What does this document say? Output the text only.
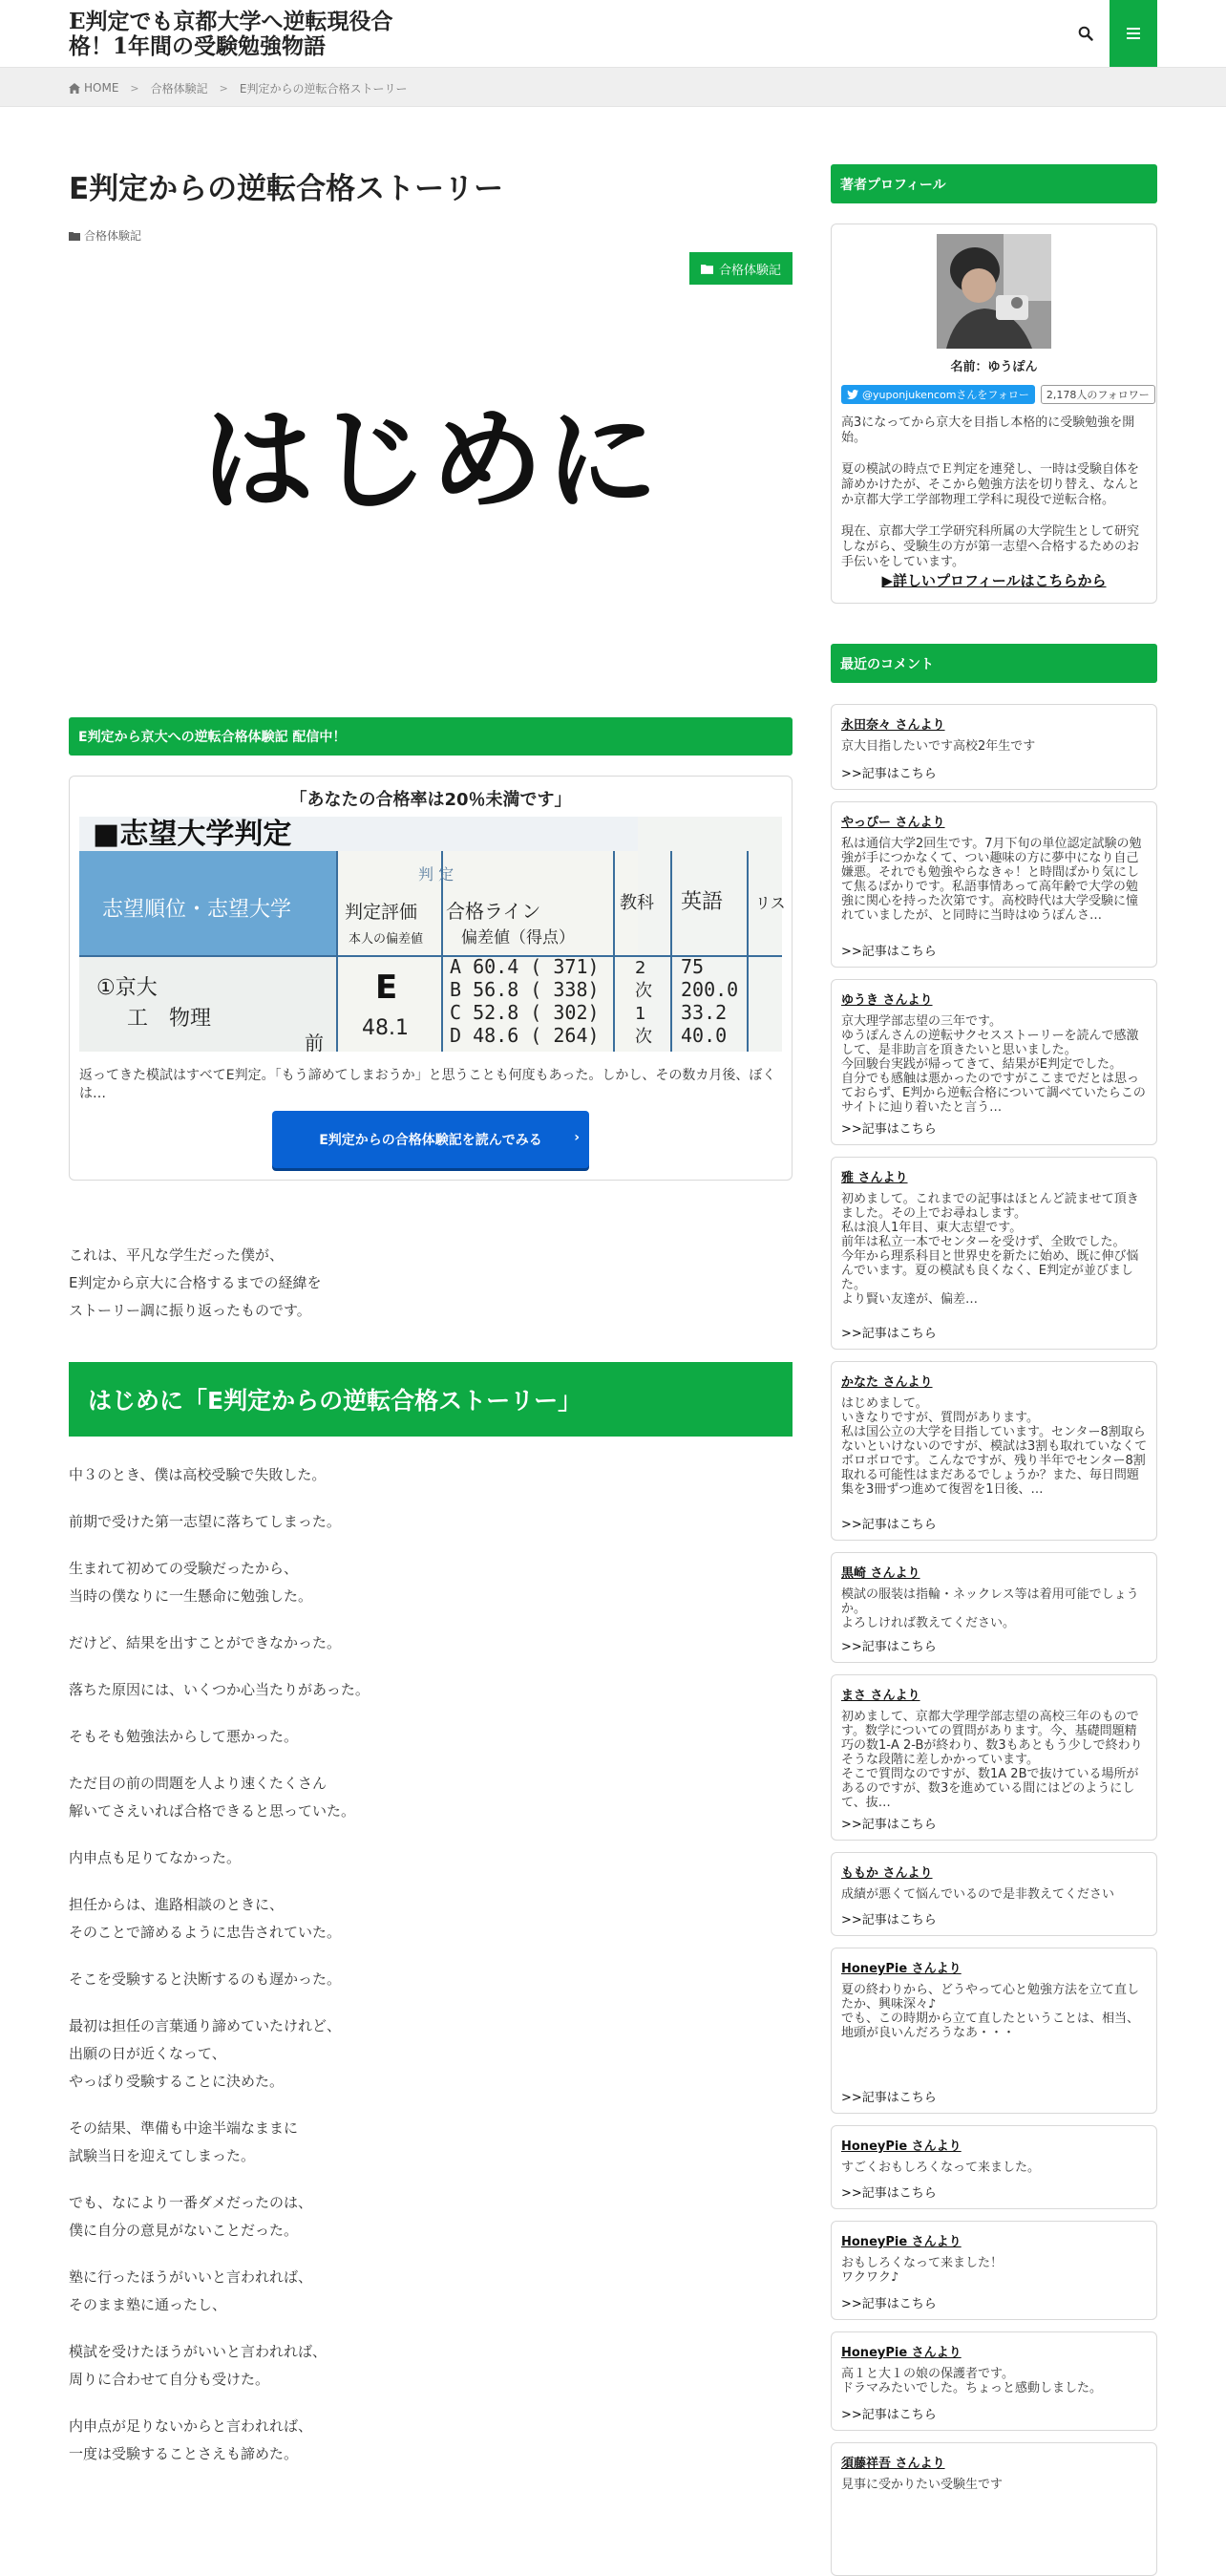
E判定でも京都大学へ逆転現役合格！1年間の受験勉強物語
HOME > 合格体験記 > E判定からの逆転合格ストーリー
E判定からの逆転合格ストーリー
合格体験記
合格体験記
はじめに
E判定から京大への逆転合格体験記 配信中！
「あなたの合格率は20％未満です」
■志望大学判定
志望順位・志望大学
判 定
判定評価
本人の偏差値
合格ライン
偏差値（得点）
教科 英語 リス
①京大
工　物理
前
E
48.1
A 60.4 ( 371)
B 56.8 ( 338)
C 52.8 ( 302)
D 48.6 ( 264)
2
次
1
次
75
200.0
33.2
40.0
返ってきた模試はすべてE判定。「もう諦めてしまおうか」と思うことも何度もあった。しかし、その数カ月後、ぼくは…
E判定からの合格体験記を読んでみる ›
これは、平凡な学生だった僕が、
E判定から京大に合格するまでの経緯を
ストーリー調に振り返ったものです。
はじめに「E判定からの逆転合格ストーリー」

中３のとき、僕は高校受験で失敗した。

前期で受けた第一志望に落ちてしまった。

生まれて初めての受験だったから、
当時の僕なりに一生懸命に勉強した。

だけど、結果を出すことができなかった。

落ちた原因には、いくつか心当たりがあった。

そもそも勉強法からして悪かった。

ただ目の前の問題を人より速くたくさん
解いてさえいれば合格できると思っていた。

内申点も足りてなかった。

担任からは、進路相談のときに、
そのことで諦めるように忠告されていた。

そこを受験すると決断するのも遅かった。

最初は担任の言葉通り諦めていたけれど、
出願の日が近くなって、
やっぱり受験することに決めた。

その結果、準備も中途半端なままに
試験当日を迎えてしまった。

でも、なにより一番ダメだったのは、
僕に自分の意見がないことだった。

塾に行ったほうがいいと言われれば、
そのまま塾に通ったし、

模試を受けたほうがいいと言われれば、
周りに合わせて自分も受けた。

内申点が足りないからと言われれば、
一度は受験することさえも諦めた。

著者プロフィール
名前：ゆうぽん
@yuponjukencomさんをフォロー	2,178人のフォロワー

高3になってから京大を目指し本格的に受験勉強を開始。

夏の模試の時点でＥ判定を連発し、一時は受験自体を諦めかけたが、そこから勉強方法を切り替え、なんとか京都大学工学部物理工学科に現役で逆転合格。

現在、京都大学工学研究科所属の大学院生として研究しながら、受験生の方が第一志望へ合格するためのお手伝いをしています。

▶詳しいプロフィールはこちらから
最近のコメント
永田奈々 さんより
京大目指したいです高校2年生です
>>記事はこちら
やっぴー さんより
私は通信大学2回生です。7月下旬の単位認定試験の勉強が手につかなくて、つい趣味の方に夢中になり自己嫌悪。それでも勉強やらなきゃ！と時間ばかり気にして焦るばかりです。私語事情あって高年齢で大学の勉強に関心を持った次第です。高校時代は大学受験に憧れていましたが、と同時に当時はゆうぽんさ…
>>記事はこちら
ゆうき さんより
京大理学部志望の三年です。
ゆうぽんさんの逆転サクセスストーリーを読んで感激して、是非助言を頂きたいと思いました。
今回駿台実践が帰ってきて、結果がE判定でした。
自分でも感触は悪かったのですがここまでだとは思っておらず、E判から逆転合格について調べていたらこのサイトに辿り着いたと言う…
>>記事はこちら
雅 さんより
初めまして。これまでの記事はほとんど読ませて頂きました。その上でお尋ねします。
私は浪人1年目、東大志望です。
前年は私立一本でセンターを受けず、全敗でした。
今年から理系科目と世界史を新たに始め、既に伸び悩んでいます。夏の模試も良くなく、E判定が並びました。
より賢い友達が、偏差…
>>記事はこちら
かなた さんより
はじめまして。
いきなりですが、質問があります。
私は国公立の大学を目指しています。センター8割取らないといけないのですが、模試は3割も取れていなくてボロボロです。こんなですが、残り半年でセンター8割取れる可能性はまだあるでしょうか？また、毎日問題集を3冊ずつ進めて復習を1日後、…
>>記事はこちら
黒崎 さんより
模試の服装は指輪・ネックレス等は着用可能でしょうか。
よろしければ教えてください。
>>記事はこちら
まさ さんより
初めまして、京都大学理学部志望の高校三年のものです。数学についての質問があります。今、基礎問題精巧の数1-A 2-Bが終わり、数3もあともう少しで終わりそうな段階に差しかかっています。
そこで質問なのですが、数1A 2Bで抜けている場所があるのですが、数3を進めている間にはどのようにして、抜…
>>記事はこちら
ももか さんより
成績が悪くて悩んでいるので是非教えてください
>>記事はこちら
HoneyPie さんより
夏の終わりから、どうやって心と勉強方法を立て直したか、興味深々♪
でも、この時期から立て直したということは、相当、地頭が良いんだろうなあ・・・
>>記事はこちら
HoneyPie さんより
すごくおもしろくなって来ました。
>>記事はこちら
HoneyPie さんより
おもしろくなって来ました！
ワクワク♪
>>記事はこちら
HoneyPie さんより
高１と大１の娘の保護者です。
ドラマみたいでした。ちょっと感動しました。
>>記事はこちら
須藤祥吾 さんより
見事に受かりたい受験生です
